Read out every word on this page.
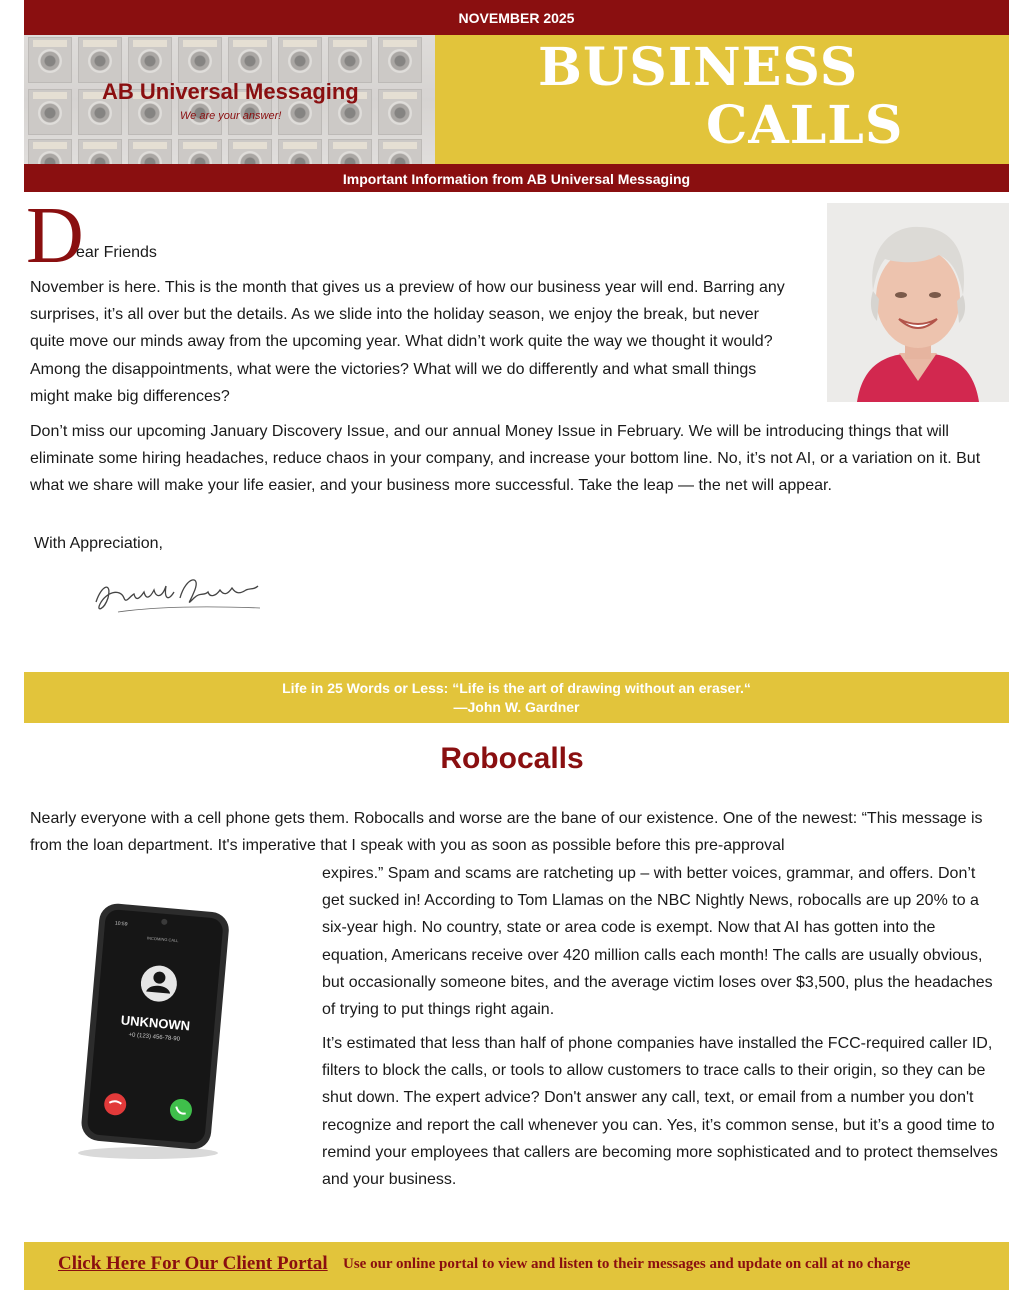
NOVEMBER 2025
AB Universal Messaging
We are your answer!
BUSINESS
CALLS
Important Information from AB Universal Messaging
D
ear Friends
November is here. This is the month that gives us a preview of how our business year will end. Barring any surprises, it’s all over but the details. As we slide into the holiday season, we enjoy the break, but never quite move our minds away from the upcoming year. What didn’t work quite the way we thought it would? Among the disappointments, what were the victories? What will we do differently and what small things might make big differences?
Don’t miss our upcoming January Discovery Issue, and our annual Money Issue in February. We will be introducing things that will eliminate some hiring headaches, reduce chaos in your company, and increase your bottom line. No, it’s not AI, or a variation on it. But what we share will make your life easier, and your business more successful. Take the leap — the net will appear.
With Appreciation,
Life in 25 Words or Less: “Life is the art of drawing without an eraser.“
—John W. Gardner
Robocalls
Nearly everyone with a cell phone gets them. Robocalls and worse are the bane of our existence. One of the newest: “This message is from the loan department. It's imperative that I speak with you as soon as possible before this pre-approval
10:59
INCOMING CALL
UNKNOWN
+0 (123) 456-78-90
expires.” Spam and scams are ratcheting up – with better voices, grammar, and offers. Don’t get sucked in! According to Tom Llamas on the NBC Nightly News, robocalls are up 20% to a six-year high. No country, state or area code is exempt. Now that AI has gotten into the equation, Americans receive over 420 million calls each month! The calls are usually obvious, but occasionally someone bites, and the average victim loses over $3,500, plus the headaches of trying to put things right again.
It’s estimated that less than half of phone companies have installed the FCC-required caller ID, filters to block the calls, or tools to allow customers to trace calls to their origin, so they can be shut down. The expert advice? Don't answer any call, text, or email from a number you don't recognize and report the call whenever you can. Yes, it’s common sense, but it’s a good time to remind your employees that callers are becoming more sophisticated and to protect themselves and your business.
Click Here For Our Client Portal Use our online portal to view and listen to their messages and update on call at no charge
